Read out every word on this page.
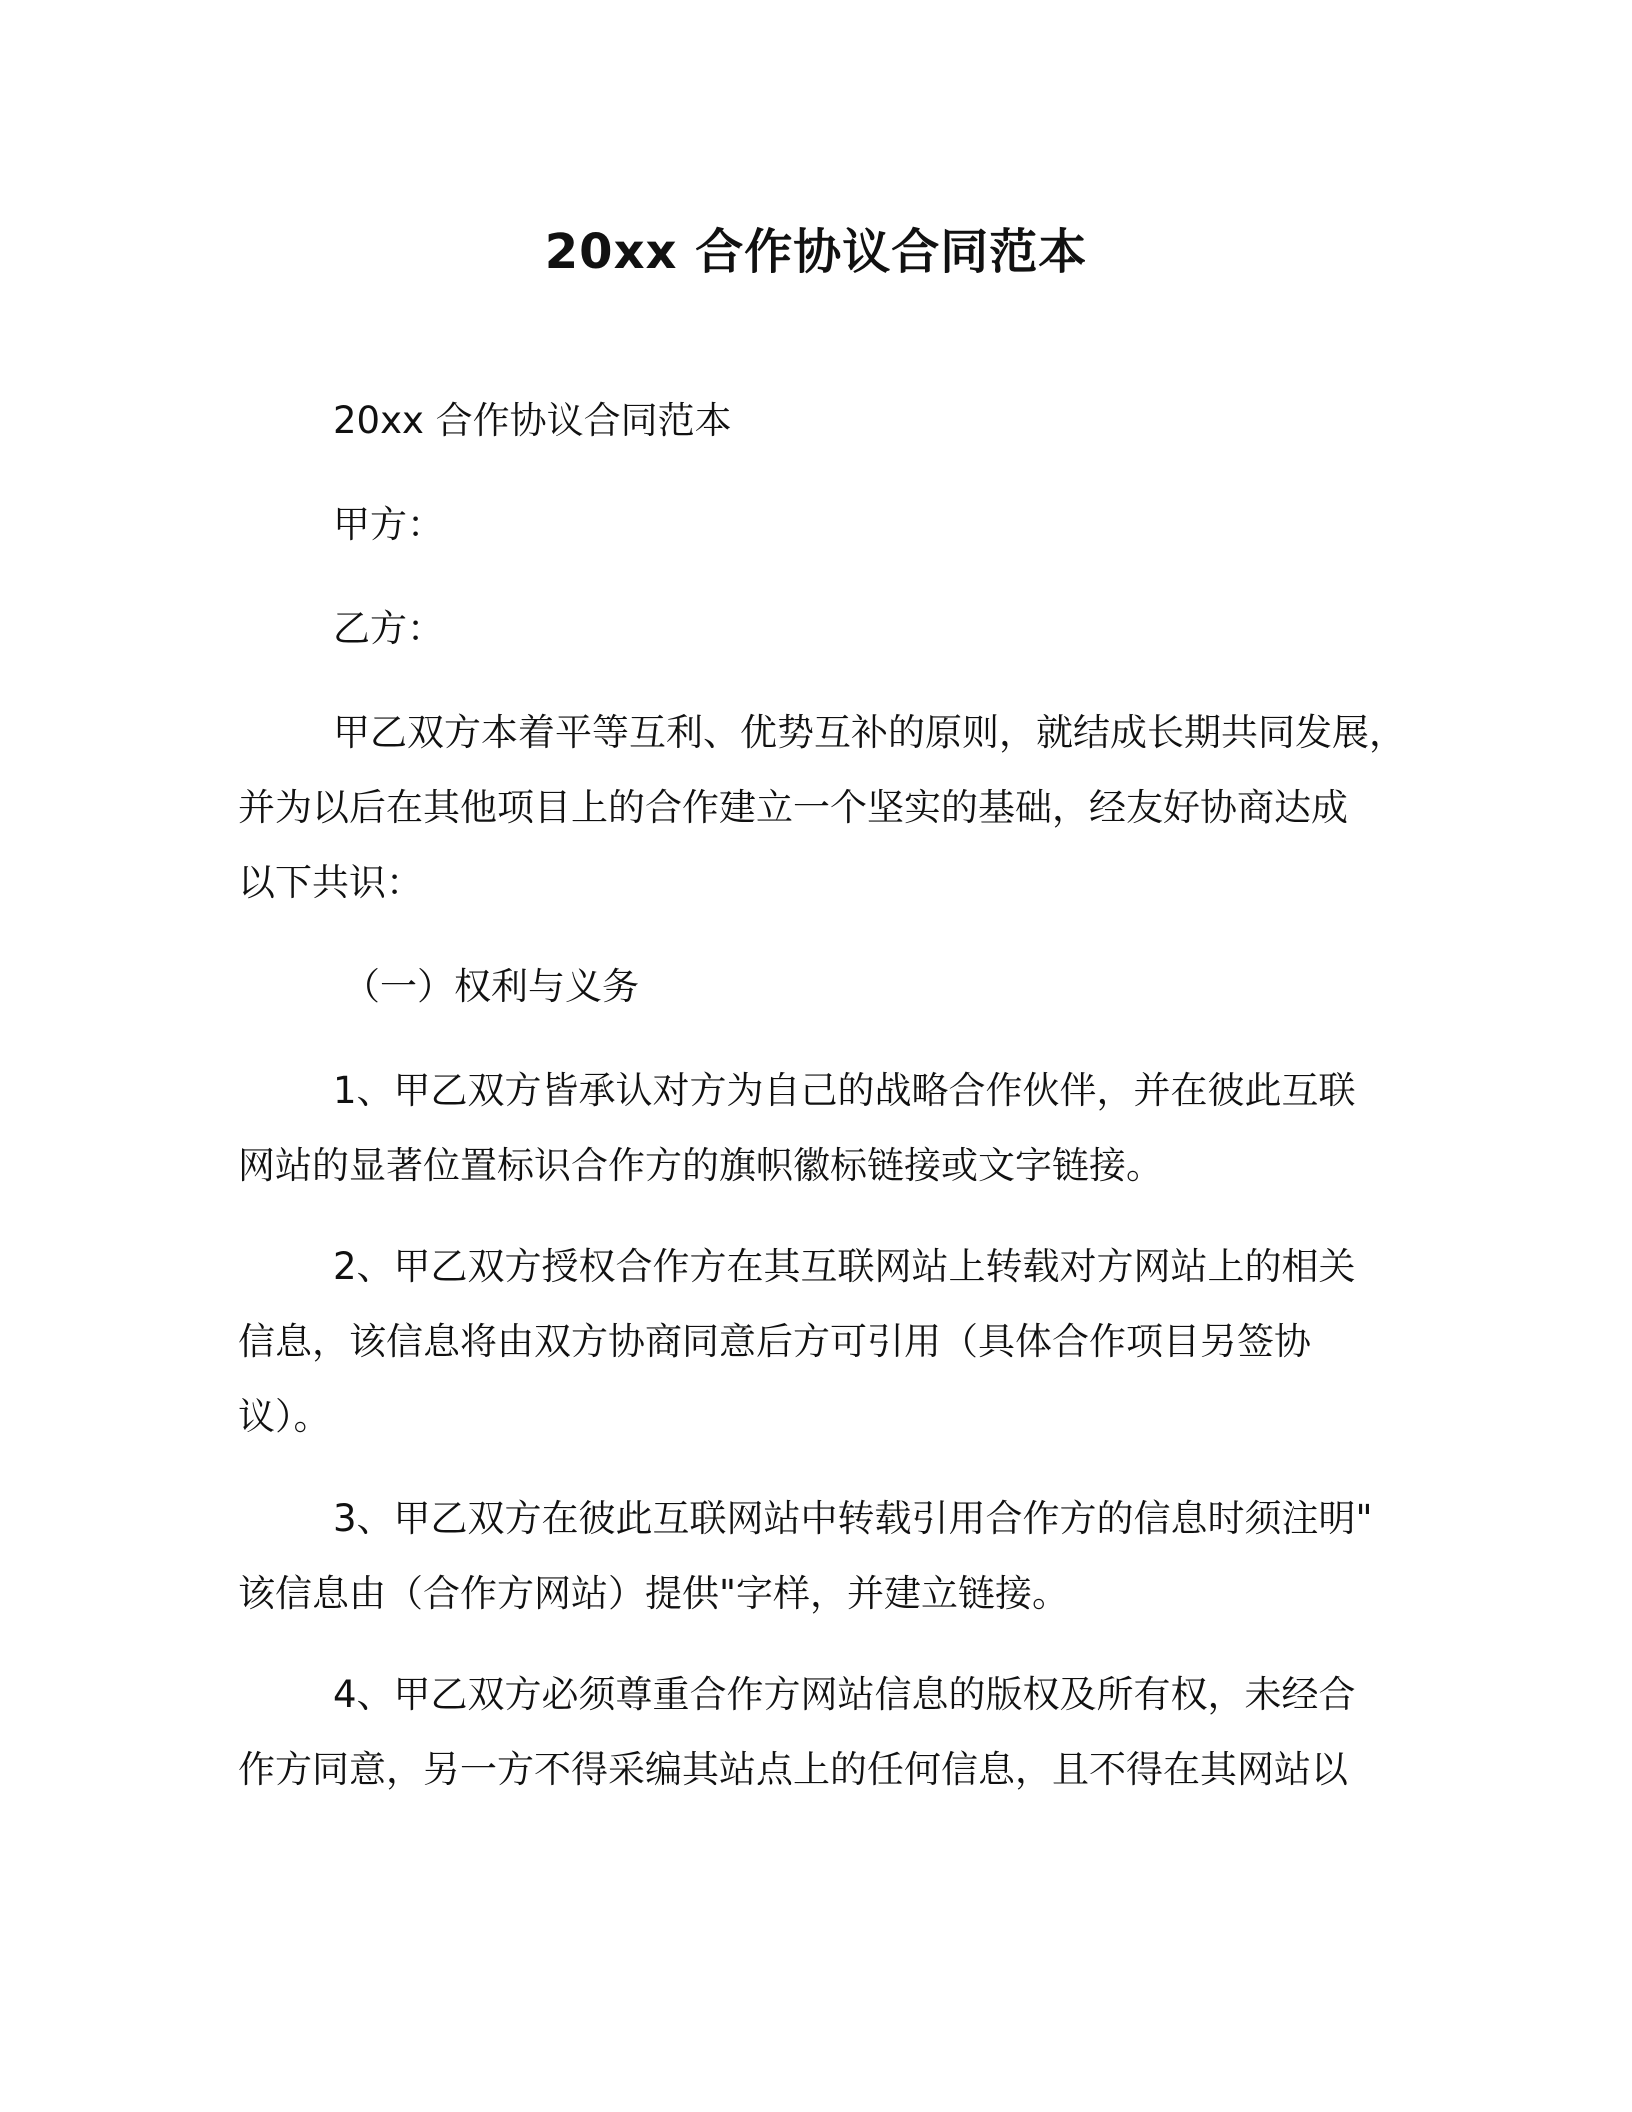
20xx 合作协议合同范本

20xx 合作协议合同范本

甲方：

乙方：

甲乙双方本着平等互利、优势互补的原则，就结成长期共同发展，

并为以后在其他项目上的合作建立一个坚实的基础，经友好协商达成

以下共识：

（一）权利与义务

1、甲乙双方皆承认对方为自己的战略合作伙伴，并在彼此互联

网站的显著位置标识合作方的旗帜徽标链接或文字链接。

2、甲乙双方授权合作方在其互联网站上转载对方网站上的相关

信息，该信息将由双方协商同意后方可引用（具体合作项目另签协

议）。

3、甲乙双方在彼此互联网站中转载引用合作方的信息时须注明"

该信息由（合作方网站）提供"字样，并建立链接。

4、甲乙双方必须尊重合作方网站信息的版权及所有权，未经合

作方同意，另一方不得采编其站点上的任何信息，且不得在其网站以
